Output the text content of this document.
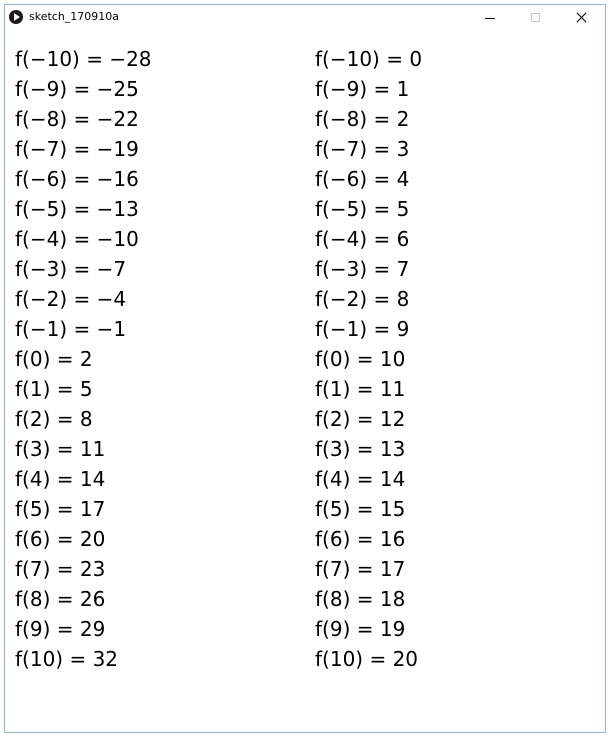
sketch_170910a
f(−10) = −28
f(−9) = −25
f(−8) = −22
f(−7) = −19
f(−6) = −16
f(−5) = −13
f(−4) = −10
f(−3) = −7
f(−2) = −4
f(−1) = −1
f(0) = 2
f(1) = 5
f(2) = 8
f(3) = 11
f(4) = 14
f(5) = 17
f(6) = 20
f(7) = 23
f(8) = 26
f(9) = 29
f(10) = 32
f(−10) = 0
f(−9) = 1
f(−8) = 2
f(−7) = 3
f(−6) = 4
f(−5) = 5
f(−4) = 6
f(−3) = 7
f(−2) = 8
f(−1) = 9
f(0) = 10
f(1) = 11
f(2) = 12
f(3) = 13
f(4) = 14
f(5) = 15
f(6) = 16
f(7) = 17
f(8) = 18
f(9) = 19
f(10) = 20
